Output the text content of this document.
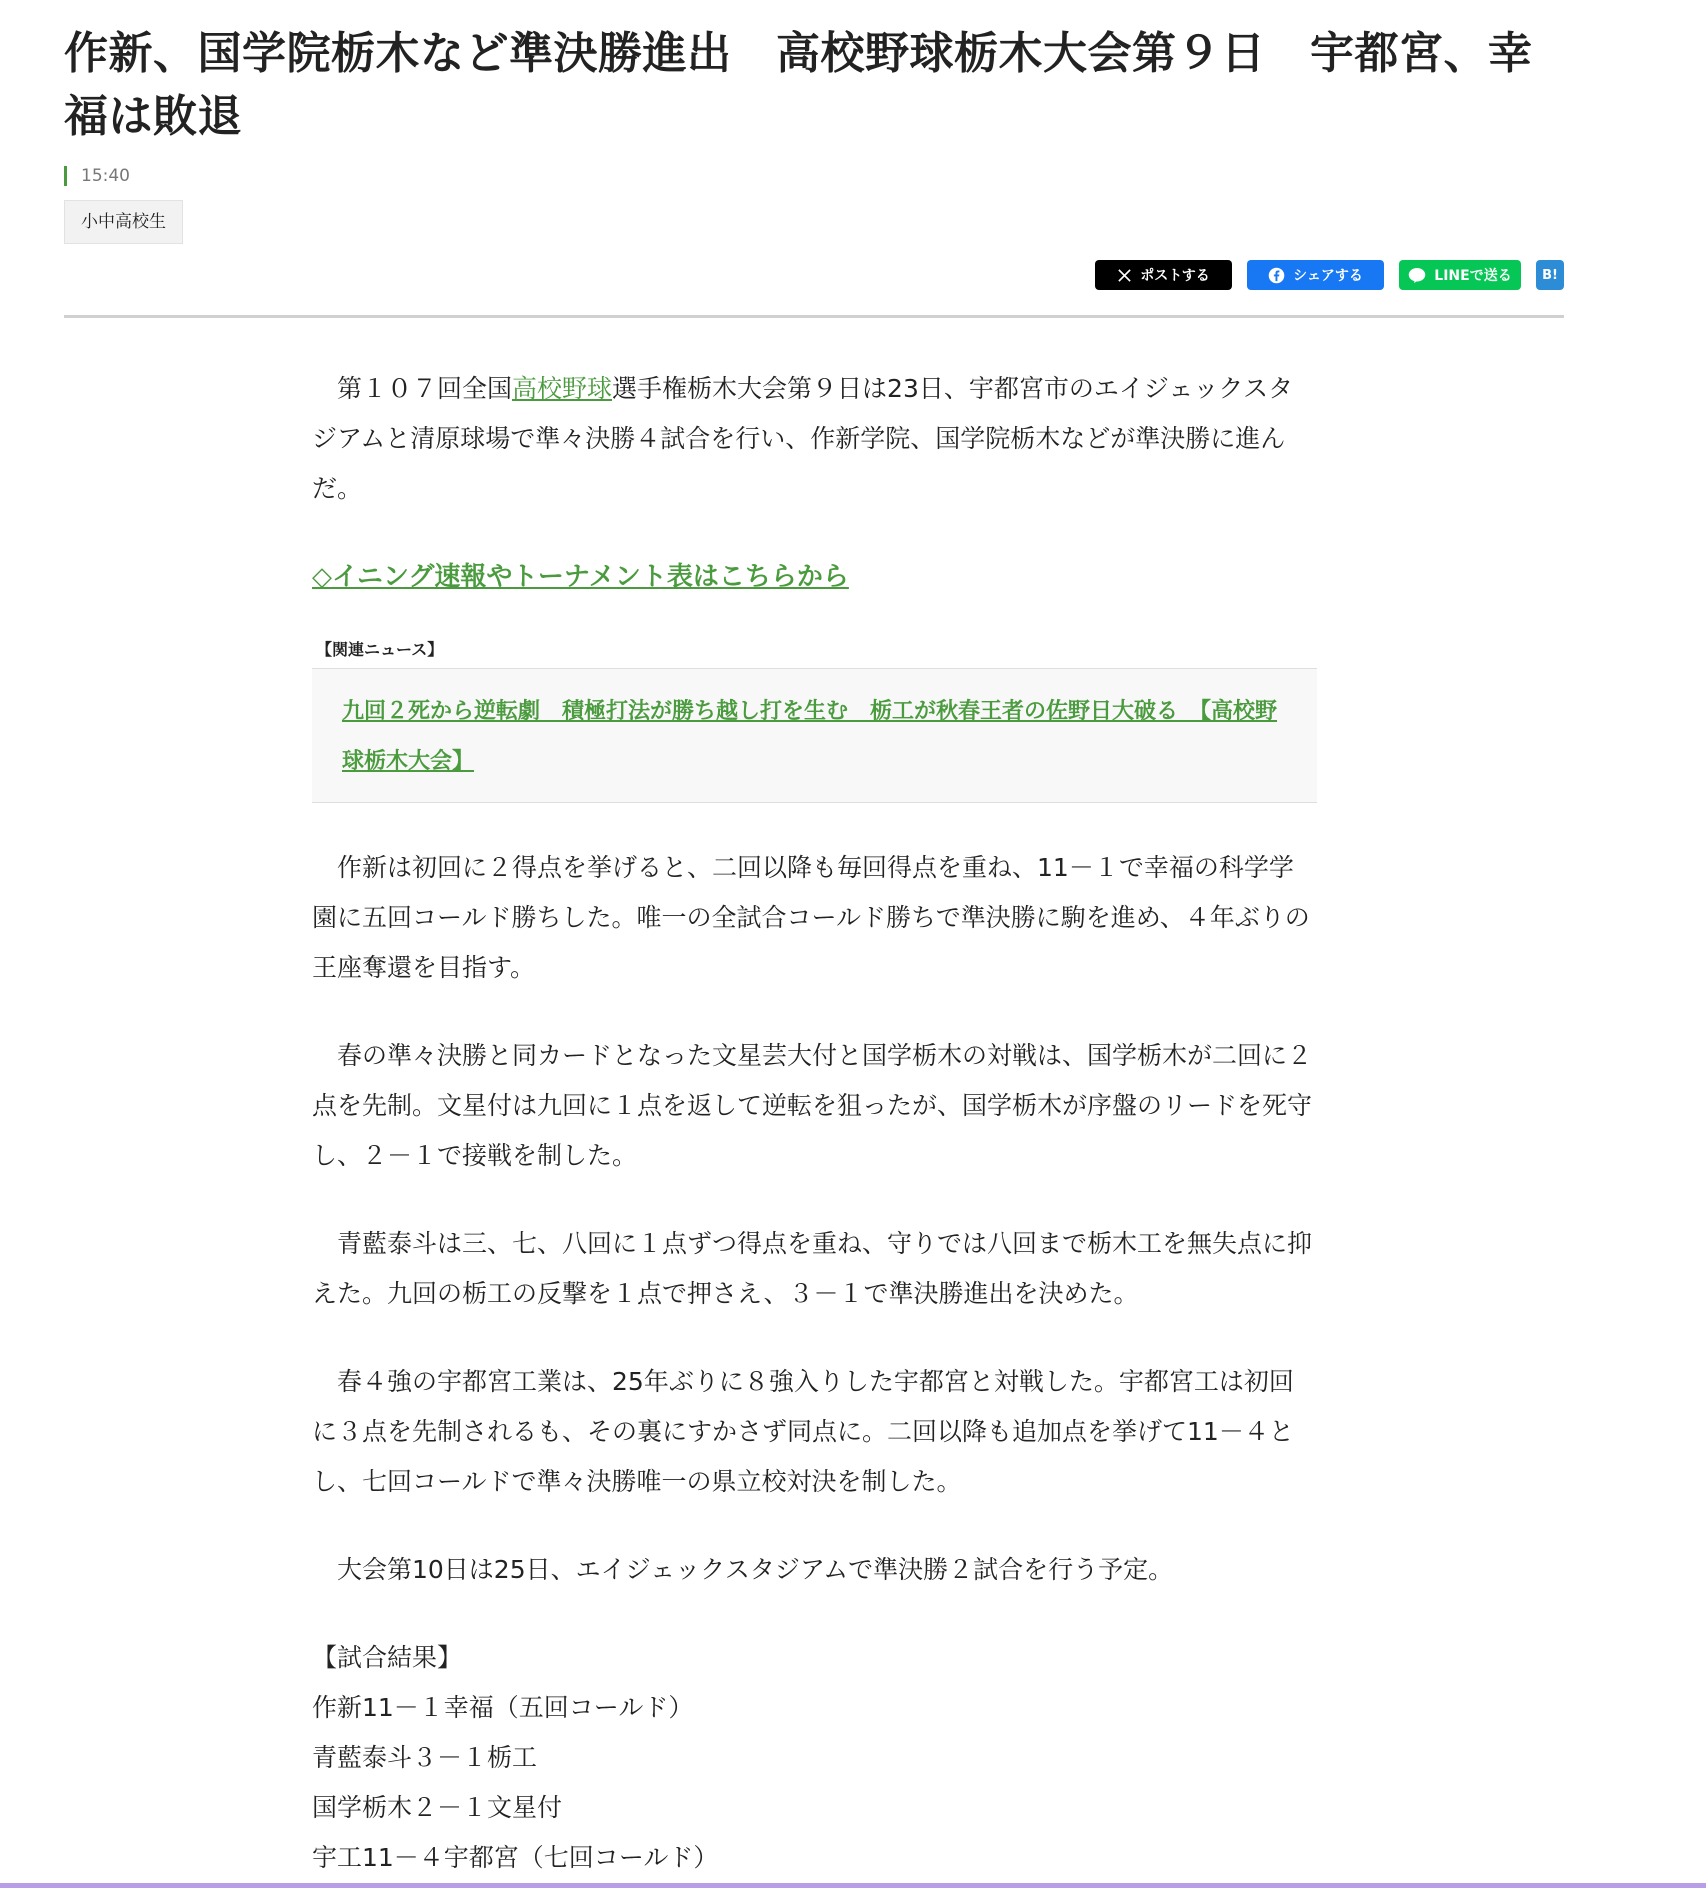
作新、国学院栃木など準決勝進出　高校野球栃木大会第９日　宇都宮、幸福は敗退
15:40
小中高校生
ポストする	シェアする	LINEで送る B!

第１０７回全国高校野球選手権栃木大会第９日は23日、宇都宮市のエイジェックスタジアムと清原球場で準々決勝４試合を行い、作新学院、国学院栃木などが準決勝に進んだ。

◇イニング速報やトーナメント表はこちらから
【関連ニュース】
九回２死から逆転劇　積極打法が勝ち越し打を生む　栃工が秋春王者の佐野日大破る　【高校野球栃木大会】

作新は初回に２得点を挙げると、二回以降も毎回得点を重ね、11－１で幸福の科学学園に五回コールド勝ちした。唯一の全試合コールド勝ちで準決勝に駒を進め、４年ぶりの王座奪還を目指す。

春の準々決勝と同カードとなった文星芸大付と国学栃木の対戦は、国学栃木が二回に２点を先制。文星付は九回に１点を返して逆転を狙ったが、国学栃木が序盤のリードを死守し、２－１で接戦を制した。

青藍泰斗は三、七、八回に１点ずつ得点を重ね、守りでは八回まで栃木工を無失点に抑えた。九回の栃工の反撃を１点で押さえ、３－１で準決勝進出を決めた。

春４強の宇都宮工業は、25年ぶりに８強入りした宇都宮と対戦した。宇都宮工は初回に３点を先制されるも、その裏にすかさず同点に。二回以降も追加点を挙げて11－４とし、七回コールドで準々決勝唯一の県立校対決を制した。

大会第10日は25日、エイジェックスタジアムで準決勝２試合を行う予定。

【試合結果】

作新11－１幸福（五回コールド）
青藍泰斗３－１栃工
国学栃木２－１文星付
宇工11－４宇都宮（七回コールド）
